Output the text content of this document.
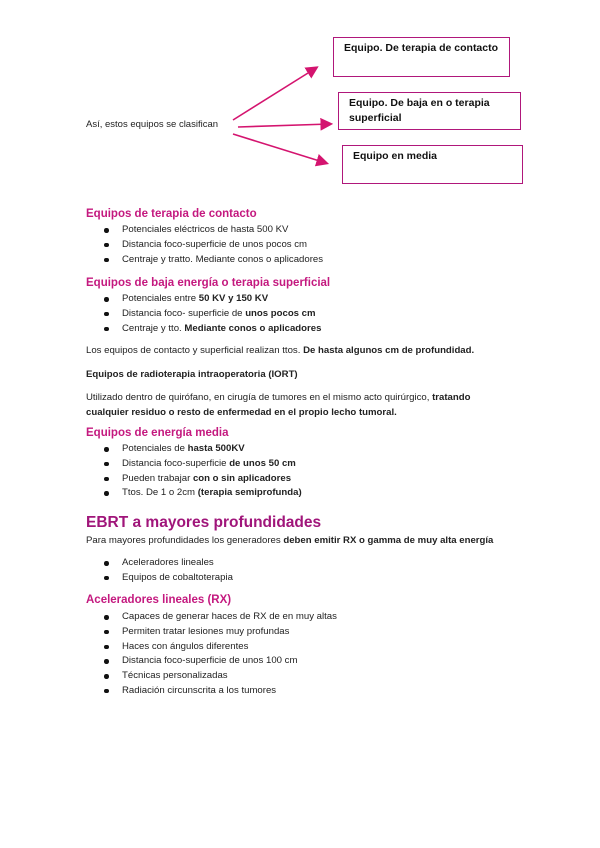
Así, estos equipos se clasifican
Equipo. De terapia de contacto
Equipo. De baja en o terapia
superficial
Equipo en media
Equipos de terapia de contacto
Potenciales eléctricos de hasta 500 KV
Distancia foco-superficie de unos pocos cm
Centraje y tratto. Mediante conos o aplicadores
Equipos de baja energía o terapia superficial
Potenciales entre 50 KV y 150 KV
Distancia foco- superficie de unos pocos cm
Centraje y tto. Mediante conos o aplicadores
Los equipos de contacto y superficial realizan ttos. De hasta algunos cm de profundidad.
Equipos de radioterapia intraoperatoria (IORT)
Utilizado dentro de quirófano, en cirugía de tumores en el mismo acto quirúrgico, tratando
cualquier residuo o resto de enfermedad en el propio lecho tumoral.
Equipos de energía media
Potenciales de hasta 500KV
Distancia foco-superficie de unos 50 cm
Pueden trabajar con o sin aplicadores
Ttos. De 1 o 2cm (terapia semiprofunda)
EBRT a mayores profundidades
Para mayores profundidades los generadores deben emitir RX o gamma de muy alta energía
Aceleradores lineales
Equipos de cobaltoterapia
Aceleradores lineales (RX)
Capaces de generar haces de RX de en muy altas
Permiten tratar lesiones muy profundas
Haces con ángulos diferentes
Distancia foco-superficie de unos 100 cm
Técnicas personalizadas
Radiación circunscrita a los tumores
